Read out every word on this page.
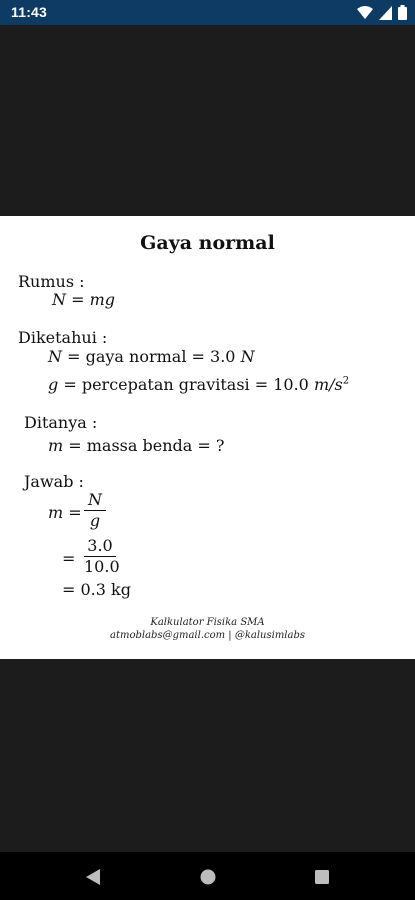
11:43
Gaya normal
Rumus :
N = mg
Diketahui :
N = gaya normal = 3.0 N
g = percepatan gravitasi = 10.0 $m/s^2$
Ditanya :
m = massa benda = ?
Jawab :
m =
N
g
=
3.0
10.0
= 0.3 kg
Kalkulator Fisika SMA
atmoblabs@gmail.com | @kalusimlabs
